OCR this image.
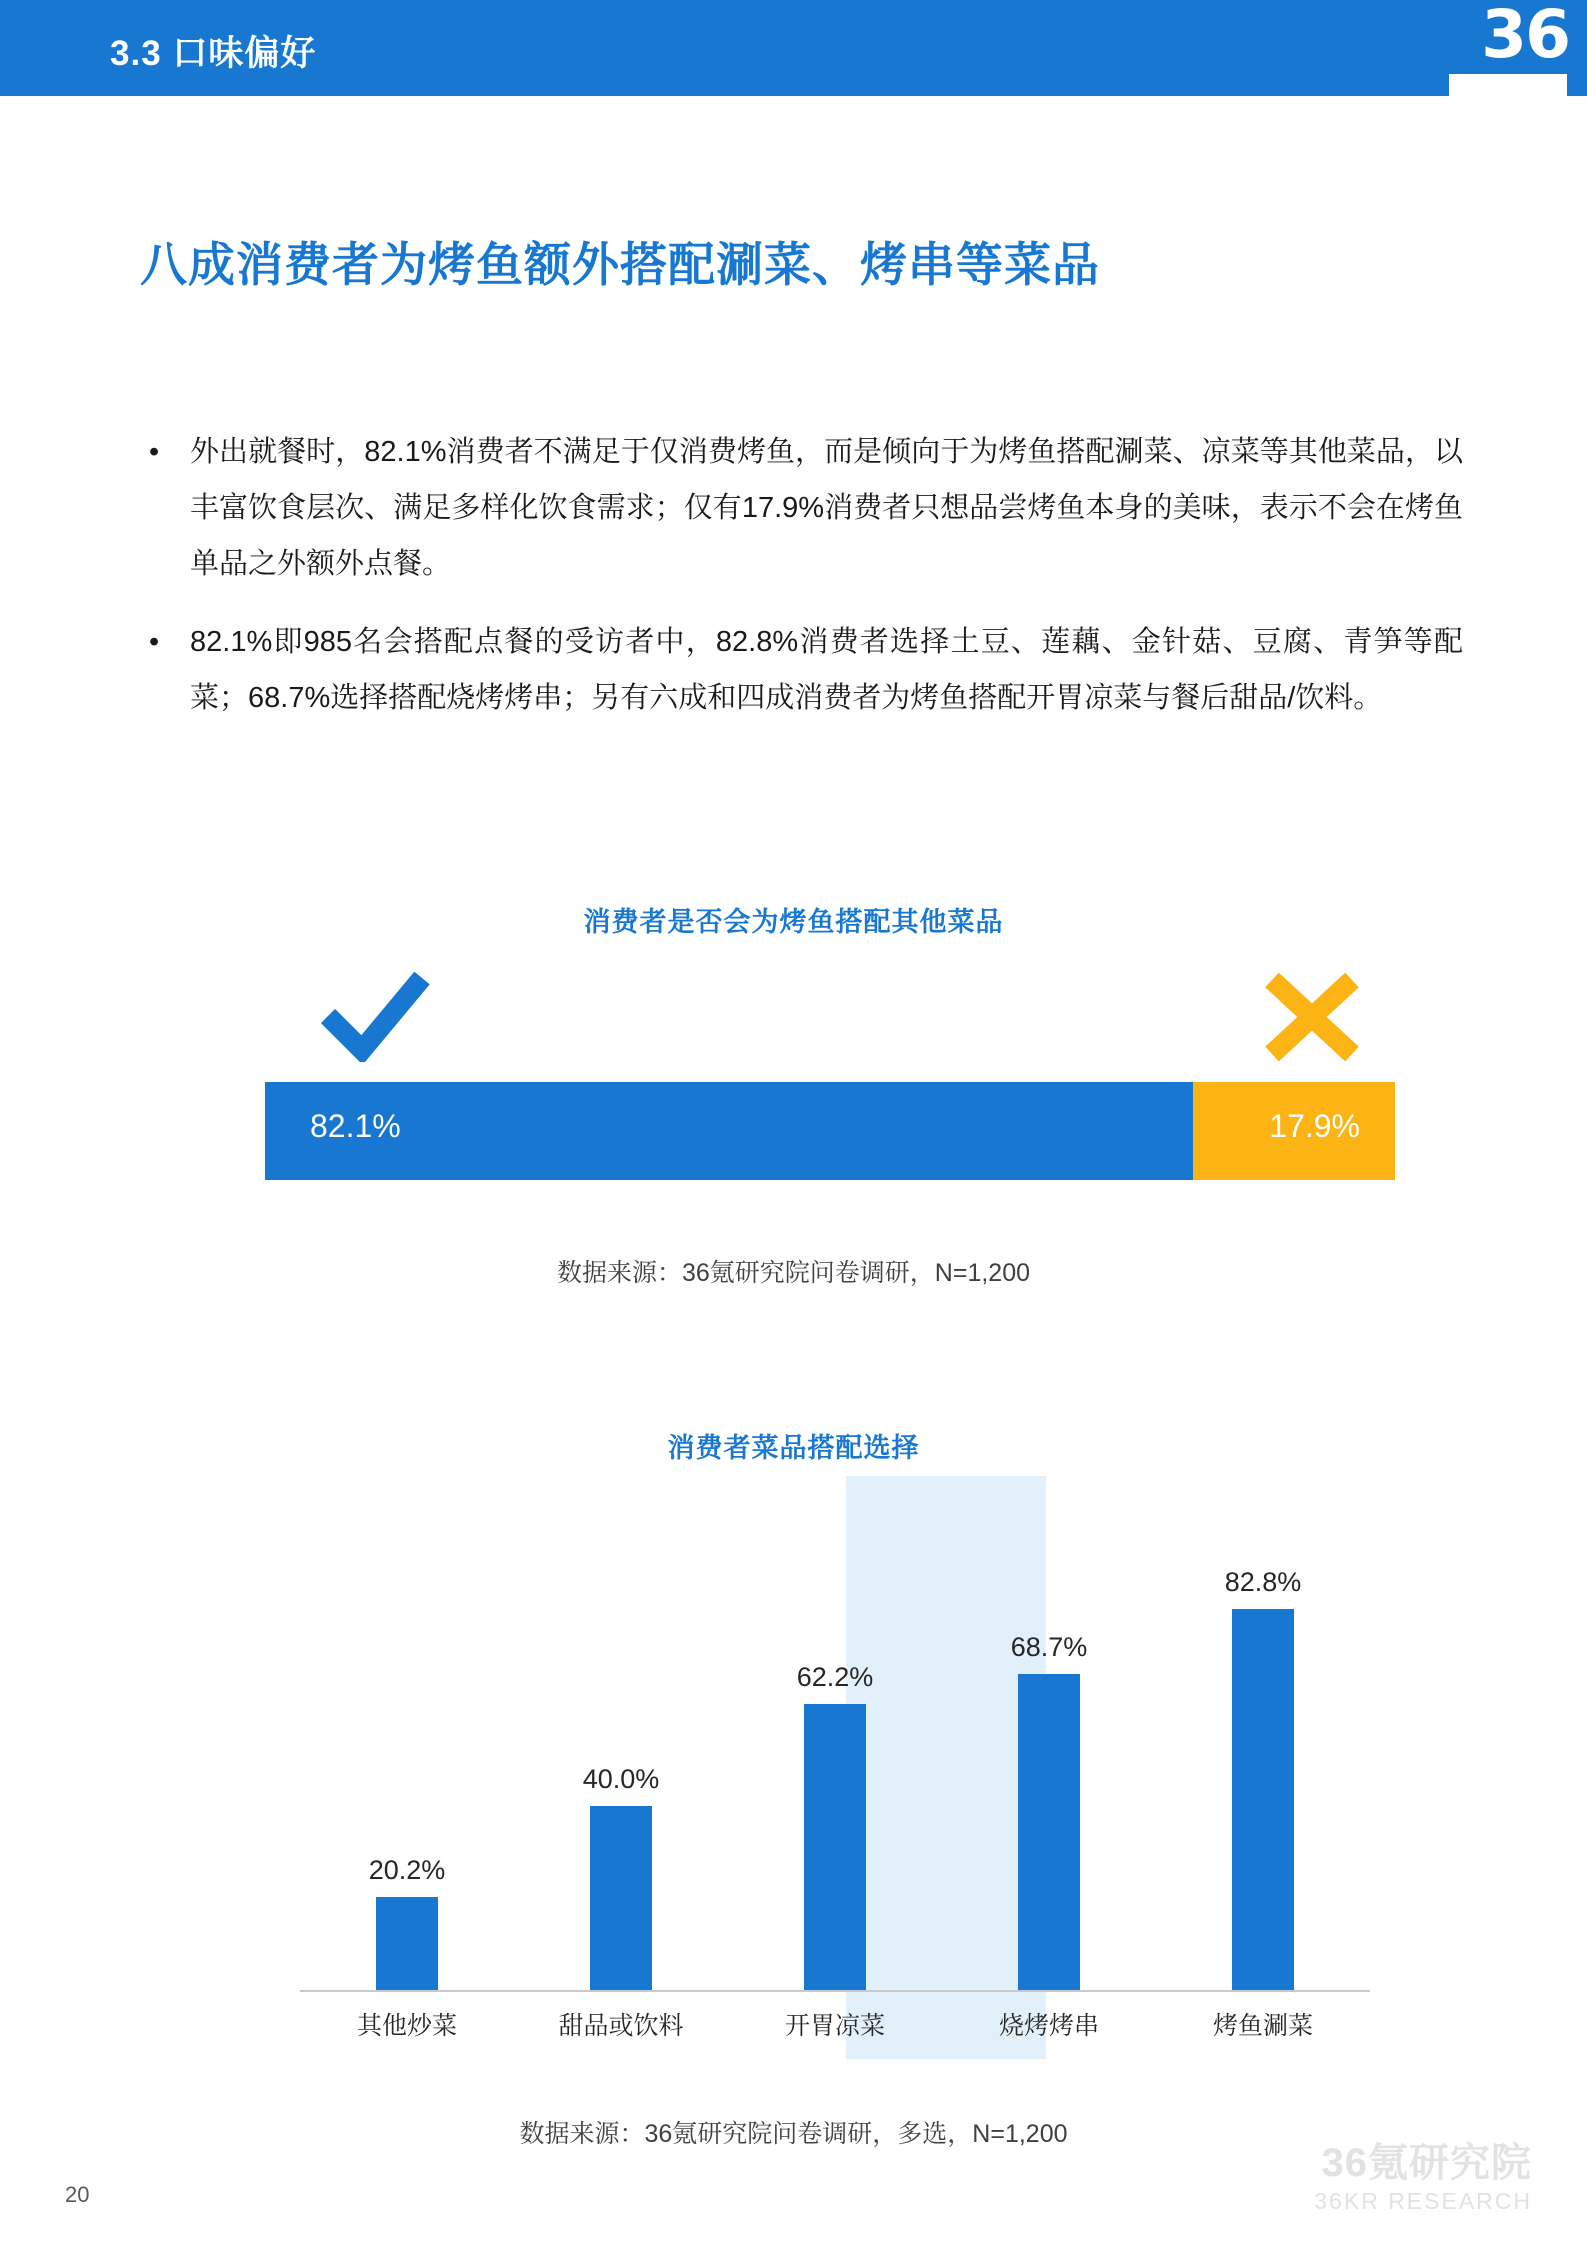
3.3 口味偏好	36
八成消费者为烤鱼额外搭配涮菜、烤串等菜品
• 外出就餐时，82.1%消费者不满足于仅消费烤鱼，而是倾向于为烤鱼搭配涮菜、凉菜等其他菜品，以丰富饮食层次、满足多样化饮食需求；仅有17.9%消费者只想品尝烤鱼本身的美味，表示不会在烤鱼单品之外额外点餐。
• 82.1%即985名会搭配点餐的受访者中，82.8%消费者选择土豆、莲藕、金针菇、豆腐、青笋等配菜；68.7%选择搭配烧烤烤串；另有六成和四成消费者为烤鱼搭配开胃凉菜与餐后甜品/饮料。
消费者是否会为烤鱼搭配其他菜品
82.1%	17.9%
数据来源：36氪研究院问卷调研，N=1,200
消费者菜品搭配选择
20.2%
40.0%
62.2%
68.7%
82.8%
其他炒菜	甜品或饮料	开胃凉菜	烧烤烤串	烤鱼涮菜
数据来源：36氪研究院问卷调研，多选，N=1,200
20
36氪研究院
36KR RESEARCH
